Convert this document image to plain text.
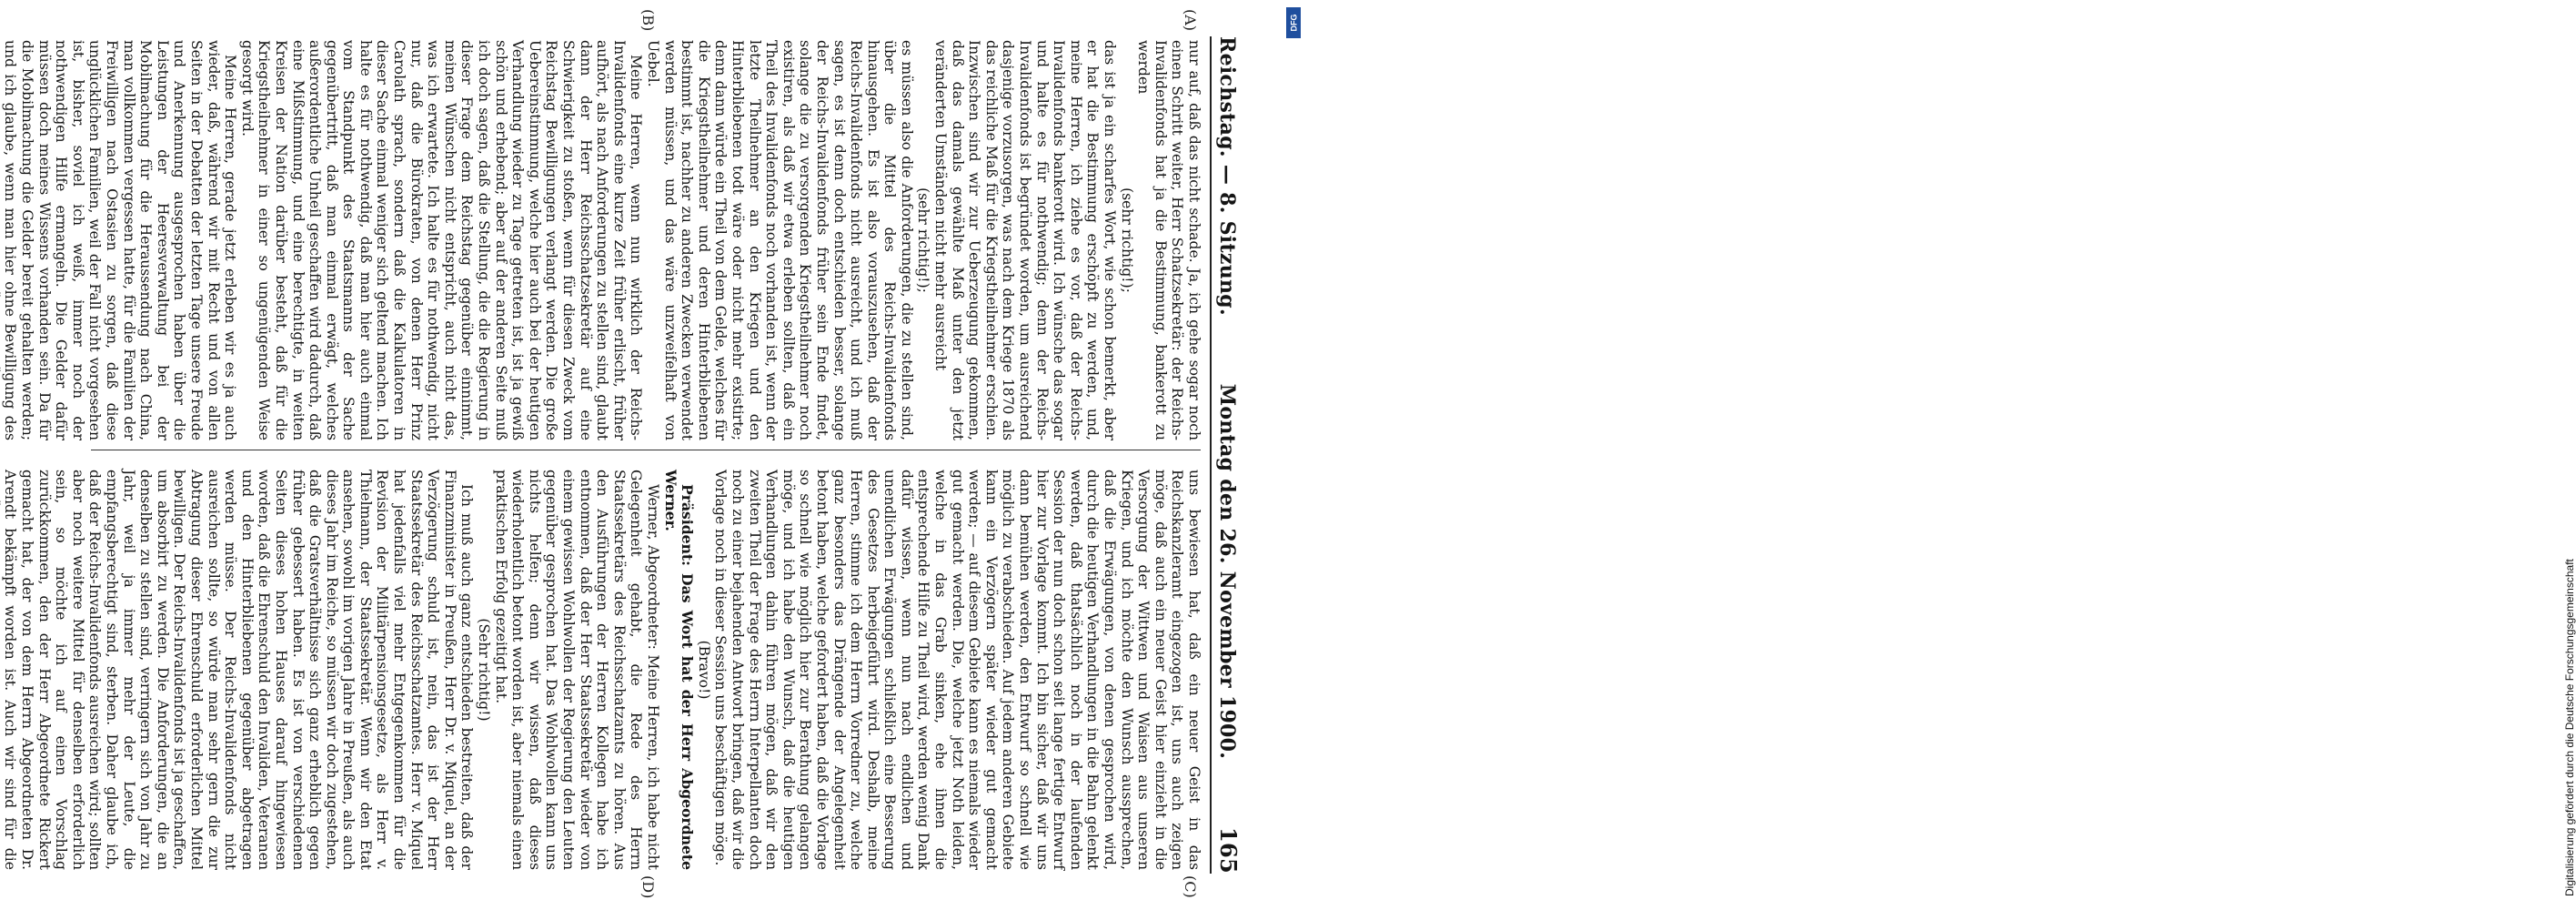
Reichstag. — 8. Sitzung.
Montag den 26. November 1900.
165
(A)
(B)
(C)
(D)

nur auf, daß das nicht schade. Ja, ich gehe sogar noch einen Schritt weiter, Herr Schatzsekretär: der Reichs-Invalidenfonds hat ja die Bestimmung, bankerott zu werden

(sehr richtig!);

das ist ja ein scharfes Wort, wie schon bemerkt, aber er hat die Bestimmung erschöpft zu werden, und, meine Herren, ich ziehe es vor, daß der Reichs-Invalidenfonds bankerott wird. Ich wünsche das sogar und halte es für nothwendig; denn der Reichs-Invalidenfonds ist begründet worden, um ausreichend dasjenige vorzusorgen, was nach dem Kriege 1870 als das reichliche Maß für die Kriegstheilnehmer erschien. Inzwischen sind wir zur Ueberzeugung gekommen, daß das damals gewählte Maß unter den jetzt veränderten Umständen nicht mehr ausreicht

(sehr richtig!);

es müssen also die Anforderungen, die zu stellen sind, über die Mittel des Reichs-Invalidenfonds hinausgehen. Es ist also vorauszusehen, daß der Reichs-Invalidenfonds nicht ausreicht, und ich muß sagen, es ist denn doch entschieden besser, solange der Reichs-Invalidenfonds früher sein Ende findet, solange die zu versorgenden Kriegstheilnehmer noch existiren, als daß wir etwa erleben sollten, daß ein Theil des Invalidenfonds noch vorhanden ist, wenn der letzte Theilnehmer an den Kriegen und den Hinterbliebenen todt wäre oder nicht mehr existirte; denn dann würde ein Theil von dem Gelde, welches für die Kriegstheilnehmer und deren Hinterbliebenen bestimmt ist, nachher zu anderen Zwecken verwendet werden müssen, und das wäre unzweifelhaft von Uebel.

Meine Herren, wenn nun wirklich der Reichs-Invalidenfonds eine kurze Zeit früher erlischt, früher aufhört, als nach Anforderungen zu stellen sind, glaubt dann der Herr Reichsschatzsekretär auf eine Schwierigkeit zu stoßen, wenn für diesen Zweck vom Reichstag Bewilligungen verlangt werden. Die große Uebereinstimmung, welche hier auch bei der heutigen Verhandlung wieder zu Tage getreten ist, ist ja gewiß schön und erhebend; aber auf der anderen Seite muß ich doch sagen, daß die Stellung, die die Regierung in dieser Frage dem Reichstag gegenüber einnimmt, meinen Wünschen nicht entspricht, auch nicht das, was ich erwartete. Ich halte es für nothwendig, nicht nur, daß die Bürokraten, von denen Herr Prinz Carolath sprach, sondern daß die Kalkulatoren in dieser Sache einmal weniger sich geltend machen. Ich halte es für nothwendig, daß man hier auch einmal vom Standpunkt des Staatsmanns der Sache gegenübertritt, daß man einmal erwägt, welches außerordentliche Unheil geschaffen wird dadurch, daß eine Mißstimmung, und eine berechtigte, in weiten Kreisen der Nation darüber besteht, daß für die Kriegstheilnehmer in einer so ungenügenden Weise gesorgt wird.

Meine Herren, gerade jetzt erleben wir es ja auch wieder, daß, während wir mit Recht und von allen Seiten in der Debatten der letzten Tage unsere Freude und Anerkennung ausgesprochen haben über die Leistungen der Heeresverwaltung bei der Mobilmachung für die Heraussendung nach China, man vollkommen vergessen hatte, für die Familien der Freiwilligen nach Ostasien zu sorgen, daß diese unglücklichen Familien, weil der Fall nicht vorgesehen ist, bisher, soviel ich weiß, immer noch der nothwendigen Hilfe ermangeln. Die Gelder dafür müssen doch meines Wissens vorhanden sein. Da für die Mobilmachung die Gelder bereit gehalten werden; und ich glaube, wenn man hier ohne Bewilligung des

uns bewiesen hat, daß ein neuer Geist in das Reichskanzleramt eingezogen ist, uns auch zeigen möge, daß auch ein neuer Geist hier einzieht in die Versorgung der Wittwen und Waisen aus unseren Kriegen, und ich möchte den Wunsch aussprechen, daß die Erwägungen, von denen gesprochen wird, durch die heutigen Verhandlungen in die Bahn gelenkt werden, daß thatsächlich noch in der laufenden Session der nun doch schon seit lange fertige Entwurf hier zur Vorlage kommt. Ich bin sicher, daß wir uns dann bemühen werden, den Entwurf so schnell wie möglich zu verabschieden. Auf jedem anderen Gebiete kann ein Verzögern später wieder gut gemacht werden; — auf diesem Gebiete kann es niemals wieder gut gemacht werden. Die, welche jetzt Noth leiden, welche in das Grab sinken, ehe ihnen die entsprechende Hilfe zu Theil wird, werden wenig Dank dafür wissen, wenn nun nach endlichen und unendlichen Erwägungen schließlich eine Besserung des Gesetzes herbeigeführt wird. Deshalb, meine Herren, stimme ich dem Herrn Vorredner zu, welche ganz besonders das Drängende der Angelegenheit betont haben, welche gefordert haben, daß die Vorlage so schnell wie möglich hier zur Berathung gelangen möge, und ich habe den Wunsch, daß die heutigen Verhandlungen dahin führen mögen, daß wir den zweiten Theil der Frage des Herrn Interpellanten doch noch zu einer bejahenden Antwort bringen, daß wir die Vorlage noch in dieser Session uns beschäftigen möge.

(Bravo!)

Präsident: Das Wort hat der Herr Abgeordnete Werner.

Werner, Abgeordneter: Meine Herren, ich habe nicht Gelegenheit gehabt, die Rede des Herrn Staatssekretärs des Reichsschatzamts zu hören. Aus den Ausführungen der Herren Kollegen habe ich entnommen, daß der Herr Staatssekretär wieder von einem gewissen Wohlwollen der Regierung den Leuten gegenüber gesprochen hat. Das Wohlwollen kann uns nichts helfen; denn wir wissen, daß dieses wiederholentlich betont worden ist, aber niemals einen praktischen Erfolg gezeitigt hat.

(Sehr richtig!)

Ich muß auch ganz entschieden bestreiten, daß der Finanzminister in Preußen, Herr Dr. v. Miquel, an der Verzögerung schuld ist, nein, das ist der Herr Staatssekretär des Reichsschatzamtes. Herr v. Miquel hat jedenfalls viel mehr Entgegenkommen für die Revision der Militärpensionsgesetze, als Herr v. Thielmann, der Staatssekretär. Wenn wir den Etat ansehen, sowohl im vorigen Jahre in Preußen, als auch dieses Jahr im Reiche, so müssen wir doch zugestehen, daß die Gratsverhältnisse sich ganz erheblich gegen früher gebessert haben. Es ist von verschiedenen Seiten dieses hohen Hauses darauf hingewiesen worden, daß die Ehrenschuld den Invaliden, Veteranen und den Hinterbliebenen gegenüber abgetragen werden müsse. Der Reichs-Invalidenfonds nicht ausreichen sollte, so würde man sehr gern die zur Abtragung dieser Ehrenschuld erforderlichen Mittel bewilligen. Der Reichs-Invalidenfonds ist ja geschaffen, um absorbirt zu werden. Die Anforderungen, die an denselben zu stellen sind, verringern sich von Jahr zu Jahr, weil ja immer mehr der Leute, die empfangsberechtigt sind, sterben. Daher glaube ich, daß der Reichs-Invalidenfonds ausreichen wird; sollten aber noch weitere Mittel für denselben erforderlich sein, so möchte ich auf einen Vorschlag zurückkommen, den der Herr Abgeordnete Rickert gemacht hat, der von dem Herrn Abgeordneten Dr. Arendt bekämpft worden ist. Auch wir sind für die

DFG
Digitalisierung gefördert durch die Deutsche Forschungsgemeinschaft
